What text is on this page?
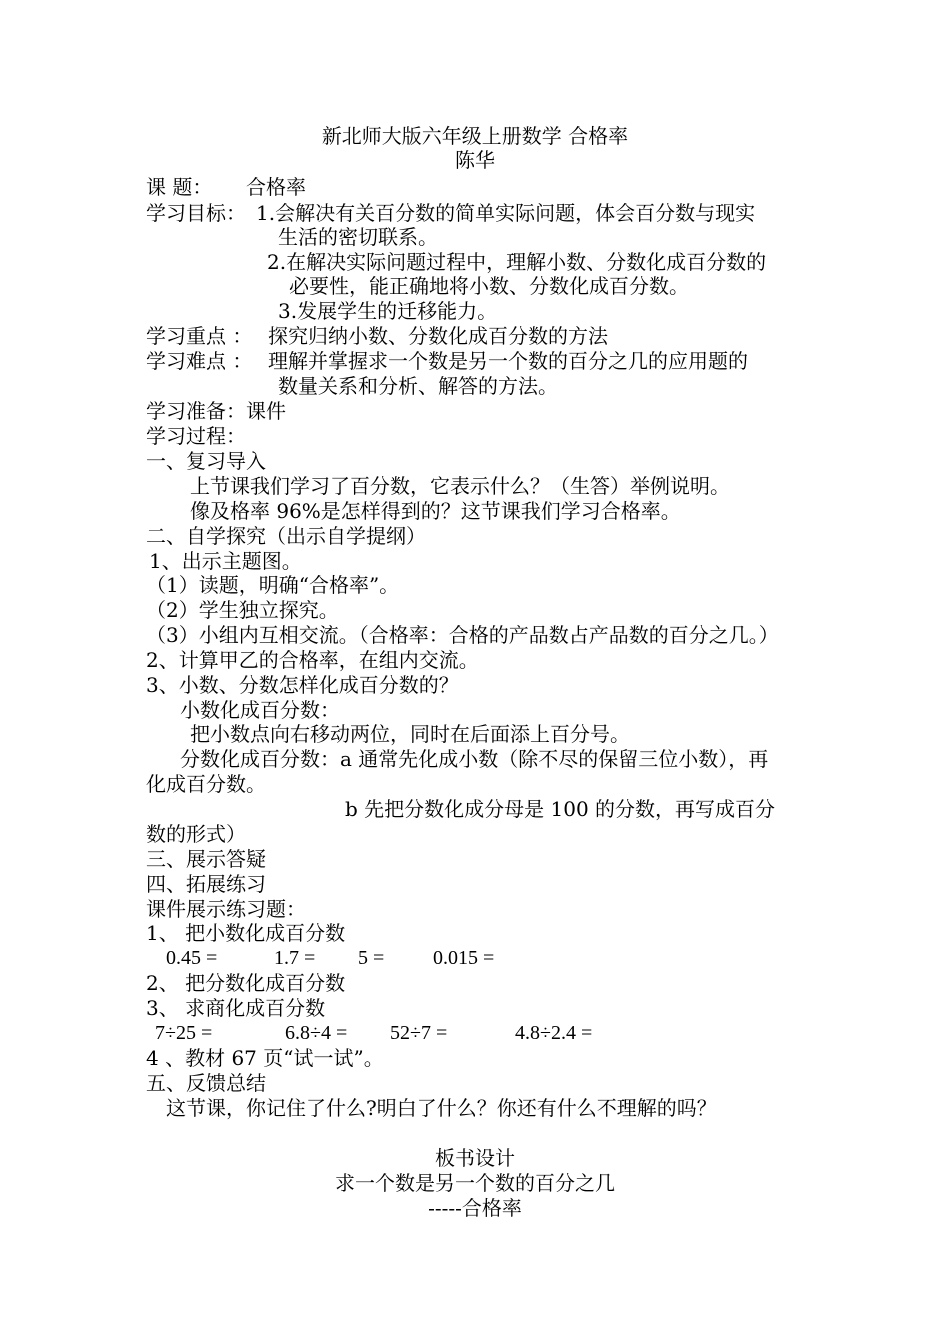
新北师大版六年级上册数学 合格率
陈华
课 题： 合格率
学习目标： 1.会解决有关百分数的简单实际问题，体会百分数与现实
生活的密切联系。
2.在解决实际问题过程中，理解小数、分数化成百分数的
必要性，能正确地将小数、分数化成百分数。
3.发展学生的迁移能力。
学习重点 ： 探究归纳小数、分数化成百分数的方法
学习难点 ： 理解并掌握求一个数是另一个数的百分之几的应用题的
数量关系和分析、解答的方法。
学习准备：课件
学习过程：
一、复习导入
上节课我们学习了百分数，它表示什么？（生答）举例说明。
像及格率 96%是怎样得到的？这节课我们学习合格率。
二、自学探究（出示自学提纲）
1、出示主题图。
（1）读题，明确“合格率”。
（2）学生独立探究。
（3）小组内互相交流。（合格率：合格的产品数占产品数的百分之几。）
2、计算甲乙的合格率，在组内交流。
3、小数、分数怎样化成百分数的？
小数化成百分数：
把小数点向右移动两位，同时在后面添上百分号。
分数化成百分数：a 通常先化成小数（除不尽的保留三位小数），再
化成百分数。
b 先把分数化成分母是 100 的分数，再写成百分
数的形式）
三、展示答疑
四、拓展练习
课件展示练习题：
1、 把小数化成百分数
0.45 =	1.7 = 5 = 0.015 =
2、 把分数化成百分数
3、 求商化成百分数
7÷25 =	6.8÷4 = 52÷7 =	4.8÷2.4 =
4 、教材 67 页“试一试”。
五、反馈总结
这节课，你记住了什么?明白了什么？你还有什么不理解的吗？
板书设计
求一个数是另一个数的百分之几
-----合格率
